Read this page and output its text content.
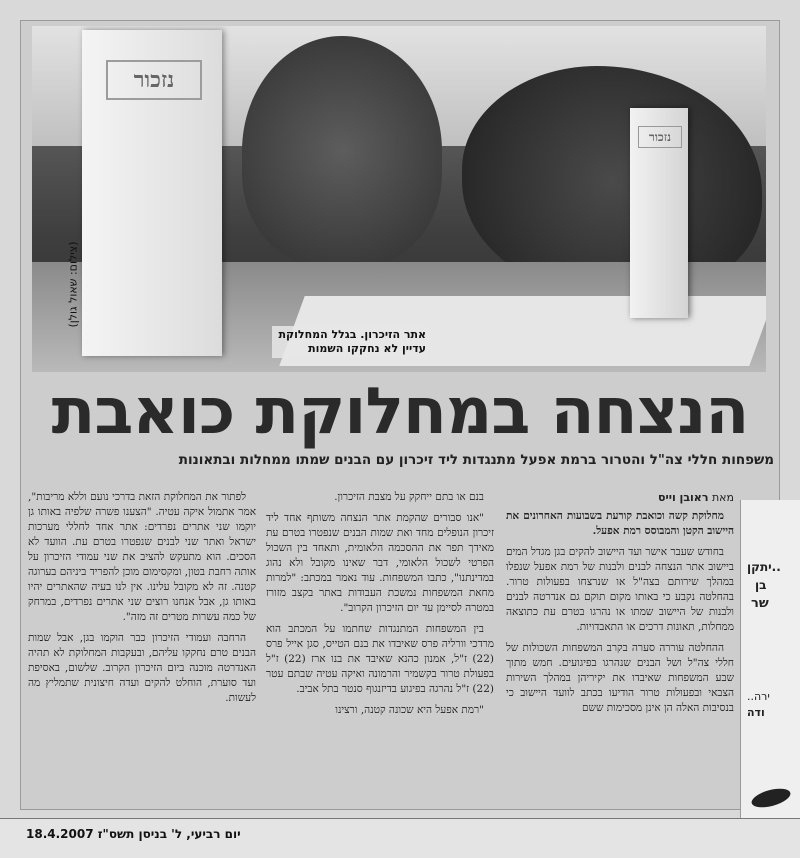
נזכור
נזכור
אתר הזיכרון. בגלל המחלוקת
עדיין לא נחקקו השמות
(צילום: שאול גולן)
הנצחה במחלוקת כואבת
משפחות חללי צה"ל והטרור ברמת אפעל מתנגדות ליד זיכרון עם הבנים שמתו ממחלות ובתאונות
מאת ראובן וייס

מחלוקת קשה וכואבת קורעת בשבועות האחרונים את היישוב הקטן והמבוסס רמת אפעל.

בחודש שעבר אישר ועד היישוב להקים בגן מגדל המים ביישוב אתר הנצחה לבנים ולבנות של רמת אפעל שנפלו במהלך שירותם בצה"ל או שנרצחו בפעולות טרור. בהחלטה נקבע כי באותו מקום תוקם גם אנדרטה לבנים ולבנות של היישוב שמתו או נהרגו בטרם עת כתוצאה ממחלות, תאונות דרכים או התאבדויות.

ההחלטה עוררה סערה בקרב המשפחות השכולות של חללי צה"ל ושל הבנים שנהרגו בפיגועים. חמש מתוך שבע המשפחות שאיבדו את יקיריהן במהלך השירות הצבאי ובפעולות טרור הודיעו בכתב לוועד היישוב כי בנסיבות האלה הן אינן מסכימות ששם

בנם או בתם ייחקק על מצבת הזיכרון.

"אנו סבורים שהקמת אתר הנצחה משותף אחד ליד זיכרון הנופלים מחד ואת שמות הבנים שנפטרו בטרם עת מאידך תפר את ההסכמה הלאומית, ותאחד בין השכול הפרטי לשכול הלאומי, דבר שאינו מקובל ולא נהוג במדינתנו", כתבו המשפחות. עוד נאמר במכתב: "למרות מחאת המשפחות נמשכת העבודות באתר בקצב מזורז במטרה לסיימן עד יום הזיכרון הקרוב".

בין המשפחות המתנגדות שחתמו על המכתב הוא מרדכי וורליה פרס שאיבדו את בנם הטייס, סגן אייל פרס (22) ז"ל, אמנון כהנא שאיבד את בנו ארז (22) ז"ל בפעולת טרור בקשמיר והרמונה ואיקה עטיה שבתם עטר (22) ז"ל נהרגה בפיגוע בדיזנגוף סנטר בתל אביב.

"רמת אפעל היא שכונה קטנה, ורצינו

לפתור את המחלוקת הזאת בדרכי נועם וללא מריבות", אמר אתמול איקה עטיה. "הצענו פשרה שלפיה באותו גן יוקמו שני אתרים נפרדים: אתר אחד לחללי מערכות ישראל ואתר שני לבנים שנפטרו בטרם עת. הוועד לא הסכים. הוא מתעקש להציב את שני עמודי הזיכרון על אותה רחבת בטון, ומקסימום מוכן להפריד ביניהם בערוגה קטנה. זה לא מקובל עלינו. אין לנו בעיה שהאתרים יהיו באותו גן, אבל אנחנו רוצים שני אתרים נפרדים, במרחק של כמה עשרות מטרים זה מזה".

הרחבה ועמודי הזיכרון כבר הוקמו בגן, אבל שמות הבנים טרם נחקקו עליהם, ובעקבות המחלוקת לא תהיה האנדרטה מוכנה ביום הזיכרון הקרוב. שלשום, באסיפת ועד סוערת, הוחלט להקים ועדה חיצונית שתמליץ מה לעשות.

..יתקן
בן
שר
..ירה
ודה
יום רביעי, ל' בניסן תשס"ז 18.4.2007
